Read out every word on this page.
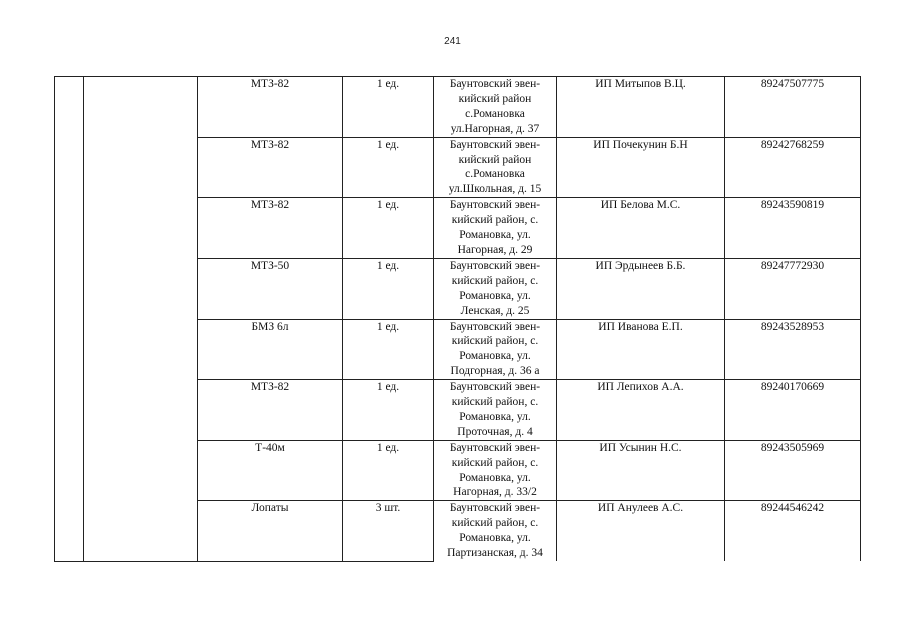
241
		МТЗ-82	1 ед.	Баунтовский эвен-
кийский район
с.Романовка
ул.Нагорная, д. 37	ИП Митыпов В.Ц.	89247507775
		МТЗ-82	1 ед.	Баунтовский эвен-
кийский район
с.Романовка
ул.Школьная, д. 15	ИП Почекунин Б.Н	89242768259
		МТЗ-82	1 ед.	Баунтовский эвен-
кийский район, с.
Романовка, ул.
Нагорная, д. 29	ИП Белова М.С.	89243590819
		МТЗ-50	1 ед.	Баунтовский эвен-
кийский район, с.
Романовка, ул.
Ленская, д. 25	ИП Эрдынеев Б.Б.	89247772930
		БМЗ 6л	1 ед.	Баунтовский эвен-
кийский район, с.
Романовка, ул.
Подгорная, д. 36 а	ИП Иванова Е.П.	89243528953
		МТЗ-82	1 ед.	Баунтовский эвен-
кийский район, с.
Романовка, ул.
Проточная, д. 4	ИП Лепихов А.А.	89240170669
		Т-40м	1 ед.	Баунтовский эвен-
кийский район, с.
Романовка, ул.
Нагорная, д. 33/2	ИП Усынин Н.С.	89243505969
		Лопаты	3 шт.	Баунтовский эвен-
кийский район, с.
Романовка, ул.
Партизанская, д. 34	ИП Анулеев А.С.	89244546242
